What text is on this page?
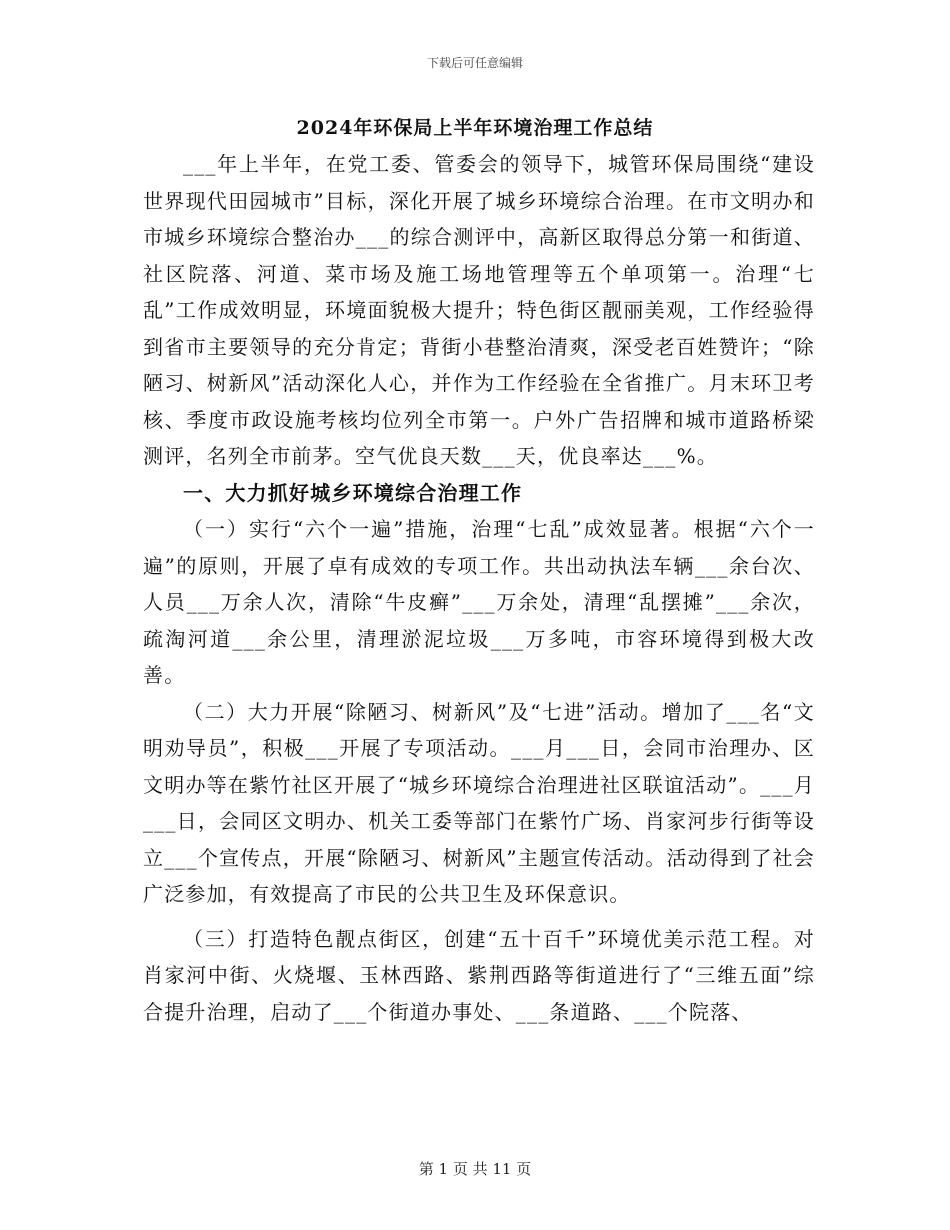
下载后可任意编辑
2024年环保局上半年环境治理工作总结

___年上半年，在党工委、管委会的领导下，城管环保局围绕“建设世界现代田园城市”目标，深化开展了城乡环境综合治理。在市文明办和市城乡环境综合整治办___的综合测评中，高新区取得总分第一和街道、社区院落、河道、菜市场及施工场地管理等五个单项第一。治理“七乱”工作成效明显，环境面貌极大提升；特色街区靓丽美观，工作经验得到省市主要领导的充分肯定；背街小巷整治清爽，深受老百姓赞许；“除陋习、树新风”活动深化人心，并作为工作经验在全省推广。月末环卫考核、季度市政设施考核均位列全市第一。户外广告招牌和城市道路桥梁测评，名列全市前茅。空气优良天数___天，优良率达___%。

一、大力抓好城乡环境综合治理工作

（一）实行“六个一遍”措施，治理“七乱”成效显著。根据“六个一遍”的原则，开展了卓有成效的专项工作。共出动执法车辆___余台次、人员___万余人次，清除“牛皮癣”___万余处，清理“乱摆摊”___余次，疏淘河道___余公里，清理淤泥垃圾___万多吨，市容环境得到极大改善。

（二）大力开展“除陋习、树新风”及“七进”活动。增加了___名“文明劝导员”，积极___开展了专项活动。___月___日，会同市治理办、区文明办等在紫竹社区开展了“城乡环境综合治理进社区联谊活动”。___月___日，会同区文明办、机关工委等部门在紫竹广场、肖家河步行街等设立___个宣传点，开展“除陋习、树新风”主题宣传活动。活动得到了社会广泛参加，有效提高了市民的公共卫生及环保意识。

（三）打造特色靓点街区，创建“五十百千”环境优美示范工程。对肖家河中街、火烧堰、玉林西路、紫荆西路等街道进行了“三维五面”综合提升治理，启动了___个街道办事处、___条道路、___个院落、

第 1 页 共 11 页
